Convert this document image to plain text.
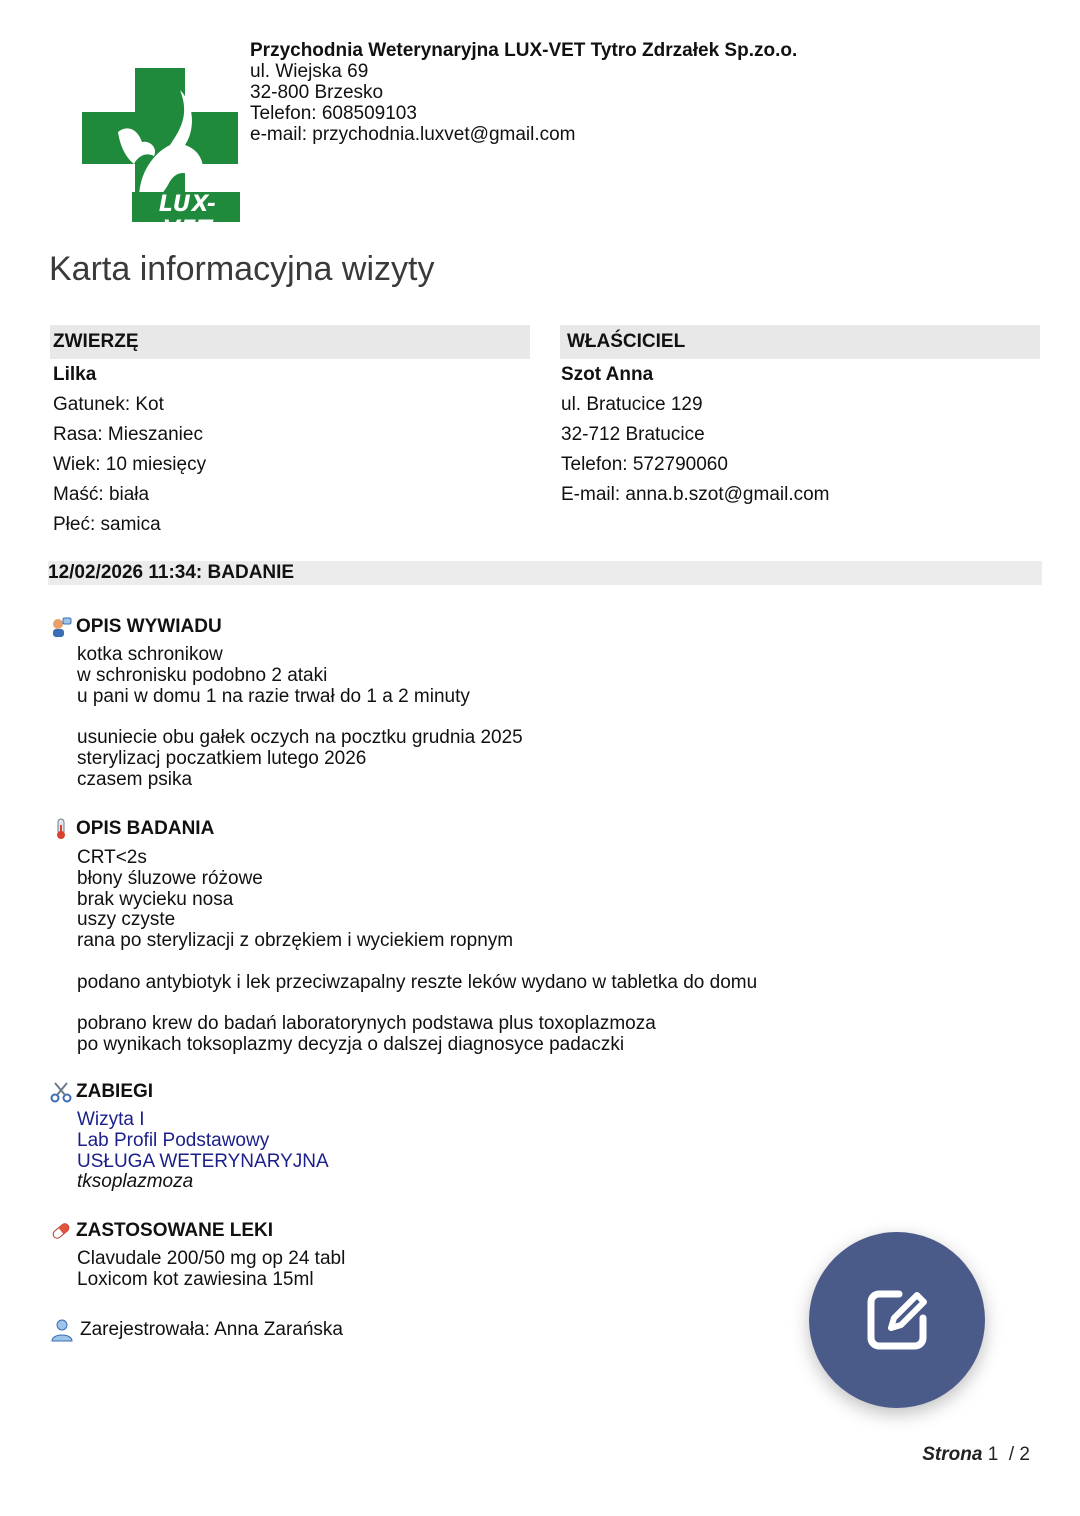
LUX-VET
Przychodnia Weterynaryjna LUX-VET Tytro Zdrzałek Sp.zo.o.
ul. Wiejska 69
32-800 Brzesko
Telefon: 608509103
e-mail: przychodnia.luxvet@gmail.com
Karta informacyjna wizyty
ZWIERZĘ
Lilka
Gatunek: Kot
Rasa: Mieszaniec
Wiek: 10 miesięcy
Maść: biała
Płeć: samica
WŁAŚCICIEL
Szot Anna
ul. Bratucice 129
32-712 Bratucice
Telefon: 572790060
E-mail: anna.b.szot@gmail.com
12/02/2026 11:34: BADANIE
OPIS WYWIADU
kotka schronikow
w schronisku podobno 2 ataki
u pani w domu 1 na razie trwał do 1 a 2 minuty
usuniecie obu gałek oczych na pocztku grudnia 2025
sterylizacj poczatkiem lutego 2026
czasem psika
OPIS BADANIA
CRT<2s
błony śluzowe różowe
brak wycieku nosa
uszy czyste
rana po sterylizacji z obrzękiem i wyciekiem ropnym
podano antybiotyk i lek przeciwzapalny reszte leków wydano w tabletka do domu
pobrano krew do badań laboratorynych podstawa plus toxoplazmoza
po wynikach toksoplazmy decyzja o dalszej diagnosyce padaczki
ZABIEGI
Wizyta I
Lab Profil Podstawowy
USŁUGA WETERYNARYJNA
tksoplazmoza
ZASTOSOWANE LEKI
Clavudale 200/50 mg op 24 tabl
Loxicom kot zawiesina 15ml
Zarejestrowała: Anna Zarańska
Strona 1 / 2
